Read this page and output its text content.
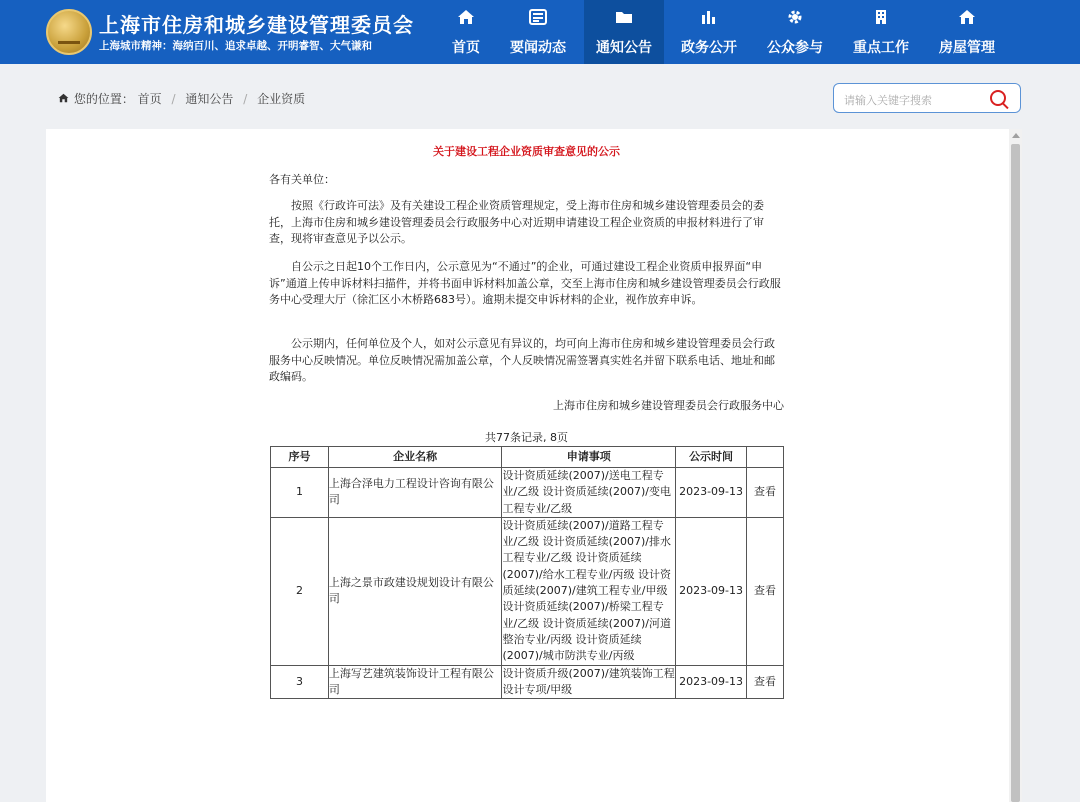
上海市住房和城乡建设管理委员会
上海城市精神：海纳百川、追求卓越、开明睿智、大气谦和	首页	要闻动态	通知公告	政务公开	公众参与	重点工作	房屋管理
您的位置： 首页 / 通知公告 / 企业资质
请输入关键字搜索
关于建设工程企业资质审查意见的公示
各有关单位：
按照《行政许可法》及有关建设工程企业资质管理规定，受上海市住房和城乡建设管理委员会的委托，上海市住房和城乡建设管理委员会行政服务中心对近期申请建设工程企业资质的申报材料进行了审查，现将审查意见予以公示。
自公示之日起10个工作日内，公示意见为“不通过”的企业，可通过建设工程企业资质申报界面“申诉”通道上传申诉材料扫描件，并将书面申诉材料加盖公章，交至上海市住房和城乡建设管理委员会行政服务中心受理大厅（徐汇区小木桥路683号）。逾期未提交申诉材料的企业，视作放弃申诉。
公示期内，任何单位及个人，如对公示意见有异议的，均可向上海市住房和城乡建设管理委员会行政服务中心反映情况。单位反映情况需加盖公章，个人反映情况需签署真实姓名并留下联系电话、地址和邮政编码。
上海市住房和城乡建设管理委员会行政服务中心
共77条记录, 8页
序号	企业名称	申请事项	公示时间	
1	上海合泽电力工程设计咨询有限公司	设计资质延续(2007)/送电工程专业/乙级 设计资质延续(2007)/变电工程专业/乙级	2023-09-13	查看
2	上海之景市政建设规划设计有限公司	设计资质延续(2007)/道路工程专业/乙级 设计资质延续(2007)/排水工程专业/乙级 设计资质延续(2007)/给水工程专业/丙级 设计资质延续(2007)/建筑工程专业/甲级 设计资质延续(2007)/桥梁工程专业/乙级 设计资质延续(2007)/河道整治专业/丙级 设计资质延续(2007)/城市防洪专业/丙级	2023-09-13	查看
3	上海写艺建筑装饰设计工程有限公司	设计资质升级(2007)/建筑装饰工程设计专项/甲级	2023-09-13	查看
